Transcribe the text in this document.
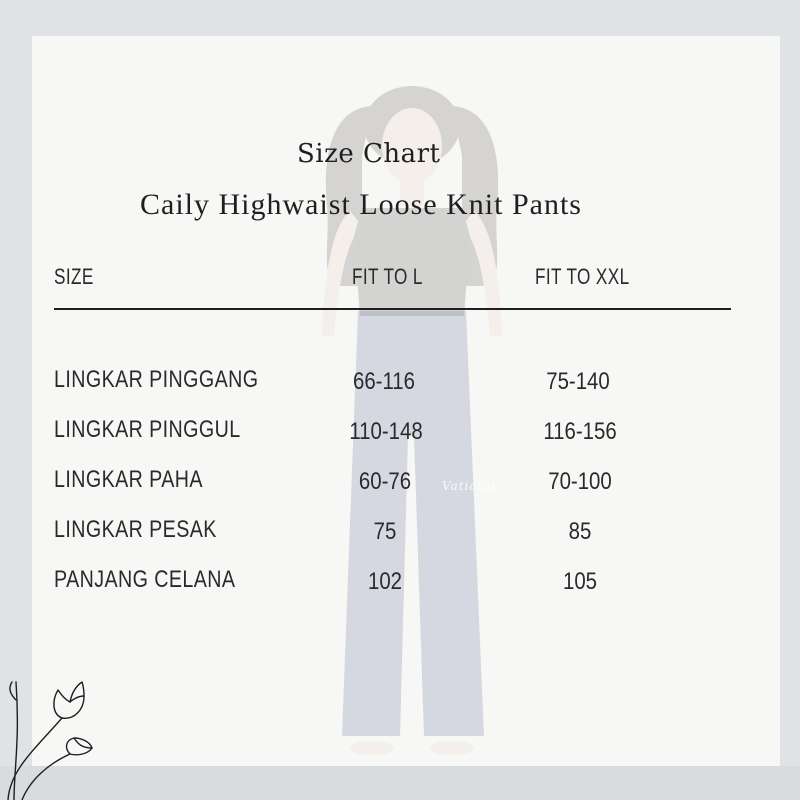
Size Chart
Caily Highwaist Loose Knit Pants
SIZE	FIT TO L	FIT TO XXL
LINGKAR PINGGANG	66-116	75-140
LINGKAR PINGGUL	110-148	116-156
LINGKAR PAHA	60-76	70-100
LINGKAR PESAK	75	85
PANJANG CELANA	102	105
Vatiable
